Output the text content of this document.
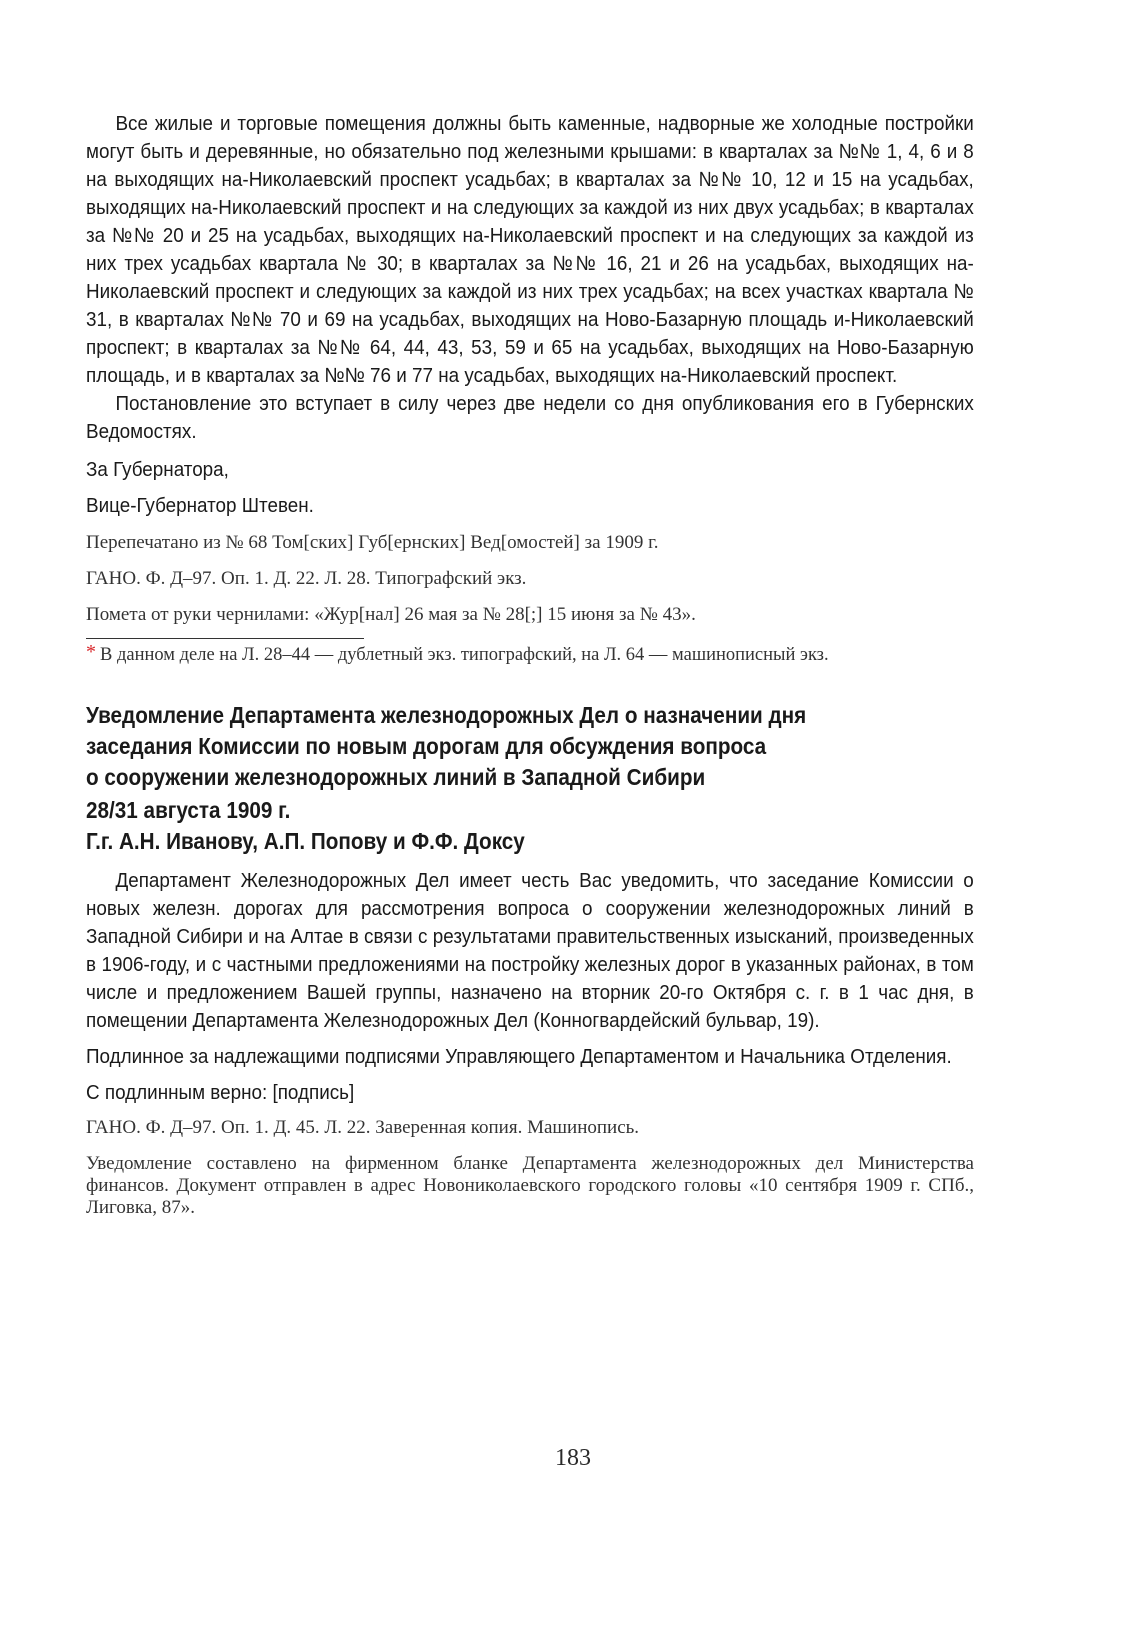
Все жилые и торговые помещения должны быть каменные, надворные же холодные постройки могут быть и деревянные, но обязательно под железными крышами: в кварталах за №№ 1, 4, 6 и 8 на выходящих на-Николаевский проспект усадьбах; в кварталах за №№ 10, 12 и 15 на усадьбах, выходящих на-Николаевский проспект и на следующих за каждой из них двух усадьбах; в кварталах за №№ 20 и 25 на усадьбах, выходящих на-Николаевский проспект и на следующих за каждой из них трех усадьбах квартала № 30; в кварталах за №№ 16, 21 и 26 на усадьбах, выходящих на-Николаевский проспект и следующих за каждой из них трех усадьбах; на всех участках квартала № 31, в кварталах №№ 70 и 69 на усадьбах, выходящих на Ново-Базарную площадь и-Николаевский проспект; в кварталах за №№ 64, 44, 43, 53, 59 и 65 на усадьбах, выходящих на Ново-Базарную площадь, и в кварталах за №№ 76 и 77 на усадьбах, выходящих на-Николаевский проспект.

Постановление это вступает в силу через две недели со дня опубликования его в Губернских Ведомостях.

За Губернатора,

Вице-Губернатор Штевен.

Перепечатано из № 68 Том[ских] Губ[ернских] Вед[омостей] за 1909 г.

ГАНО. Ф. Д–97. Оп. 1. Д. 22. Л. 28. Типографский экз.

Помета от руки чернилами: «Жур[нал] 26 мая за № 28[;] 15 июня за № 43».

* В данном деле на Л. 28–44 — дублетный экз. типографский, на Л. 64 — машинописный экз.

Уведомление Департамента железнодорожных Дел о назначении дня
заседания Комиссии по новым дорогам для обсуждения вопроса
о сооружении железнодорожных линий в Западной Сибири
28/31 августа 1909 г.
Г.г. А.Н. Иванову, А.П. Попову и Ф.Ф. Доксу

Департамент Железнодорожных Дел имеет честь Вас уведомить, что заседание Комиссии о новых железн. дорогах для рассмотрения вопроса о сооружении железнодорожных линий в Западной Сибири и на Алтае в связи с результатами правительственных изысканий, произведенных в 1906-году, и с частными предложениями на постройку железных дорог в указанных районах, в том числе и предложением Вашей группы, назначено на вторник 20-го Октября с. г. в 1 час дня, в помещении Департамента Железнодорожных Дел (Конногвардейский бульвар, 19).

Подлинное за надлежащими подписями Управляющего Департаментом и Начальника Отделения.

С подлинным верно: [подпись]

ГАНО. Ф. Д–97. Оп. 1. Д. 45. Л. 22. Заверенная копия. Машинопись.

Уведомление составлено на фирменном бланке Департамента железнодорожных дел Министерства финансов. Документ отправлен в адрес Новониколаевского городского головы «10 сентября 1909 г. СПб., Лиговка, 87».

183
